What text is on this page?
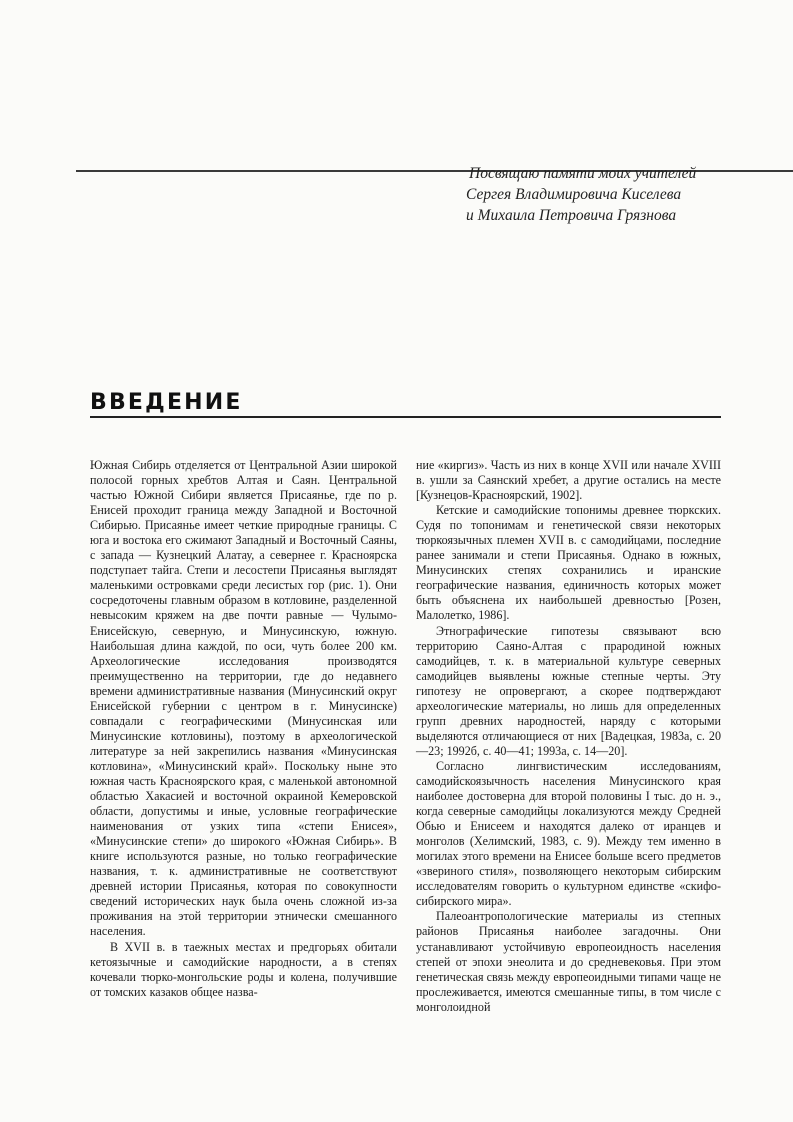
Посвящаю памяти моих учителей
Сергея Владимировича Киселева
и Михаила Петровича Грязнова
ВВЕДЕНИЕ

Южная Сибирь отделяется от Центральной Азии широкой полосой горных хребтов Алтая и Саян. Центральной частью Южной Сибири является Присаянье, где по р. Енисей проходит граница между Западной и Восточной Сибирью. Присаянье имеет четкие природные границы. С юга и востока его сжимают Западный и Восточный Саяны, с запада — Кузнецкий Алатау, а севернее г. Красноярска подступает тайга. Степи и лесостепи Присаянья выглядят маленькими островками среди лесистых гор (рис. 1). Они сосредоточены главным образом в котловине, разделенной невысоким кряжем на две почти равные — Чулымо-Енисейскую, северную, и Минусинскую, южную. Наибольшая длина каждой, по оси, чуть более 200 км. Археологические исследования производятся преимущественно на территории, где до недавнего времени административные названия (Минусинский округ Енисейской губернии с центром в г. Минусинске) совпадали с географическими (Минусинская или Минусинские котловины), поэтому в археологической литературе за ней закрепились названия «Минусинская котловина», «Минусинский край». Поскольку ныне это южная часть Красноярского края, с маленькой автономной областью Хакасией и восточной окраиной Кемеровской области, допустимы и иные, условные географические наименования от узких типа «степи Енисея», «Минусинские степи» до широкого «Южная Сибирь». В книге используются разные, но только географические названия, т. к. административные не соответствуют древней истории Присаянья, которая по совокупности сведений исторических наук была очень сложной из-за проживания на этой территории этнически смешанного населения.

В XVII в. в таежных местах и предгорьях обитали кетоязычные и самодийские народности, а в степях кочевали тюрко-монгольские роды и колена, получившие от томских казаков общее назва-

ние «киргиз». Часть из них в конце XVII или начале XVIII в. ушли за Саянский хребет, а другие остались на месте [Кузнецов-Красноярский, 1902].

Кетские и самодийские топонимы древнее тюркских. Судя по топонимам и генетической связи некоторых тюркоязычных племен XVII в. с самодийцами, последние ранее занимали и степи Присаянья. Однако в южных, Минусинских степях сохранились и иранские географические названия, единичность которых может быть объяснена их наибольшей древностью [Розен, Малолетко, 1986].

Этнографические гипотезы связывают всю территорию Саяно-Алтая с прародиной южных самодийцев, т. к. в материальной культуре северных самодийцев выявлены южные степные черты. Эту гипотезу не опровергают, а скорее подтверждают археологические материалы, но лишь для определенных групп древних народностей, наряду с которыми выделяются отличающиеся от них [Вадецкая, 1983а, с. 20—23; 1992б, с. 40—41; 1993а, с. 14—20].

Согласно лингвистическим исследованиям, самодийскоязычность населения Минусинского края наиболее достоверна для второй половины I тыс. до н. э., когда северные самодийцы локализуются между Средней Обью и Енисеем и находятся далеко от иранцев и монголов (Хелимский, 1983, с. 9). Между тем именно в могилах этого времени на Енисее больше всего предметов «звериного стиля», позволяющего некоторым сибирским исследователям говорить о культурном единстве «скифо-сибирского мира».

Палеоантропологические материалы из степных районов Присаянья наиболее загадочны. Они устанавливают устойчивую европеоидность населения степей от эпохи энеолита и до средневековья. При этом генетическая связь между европеоидными типами чаще не прослеживается, имеются смешанные типы, в том числе с монголоидной
